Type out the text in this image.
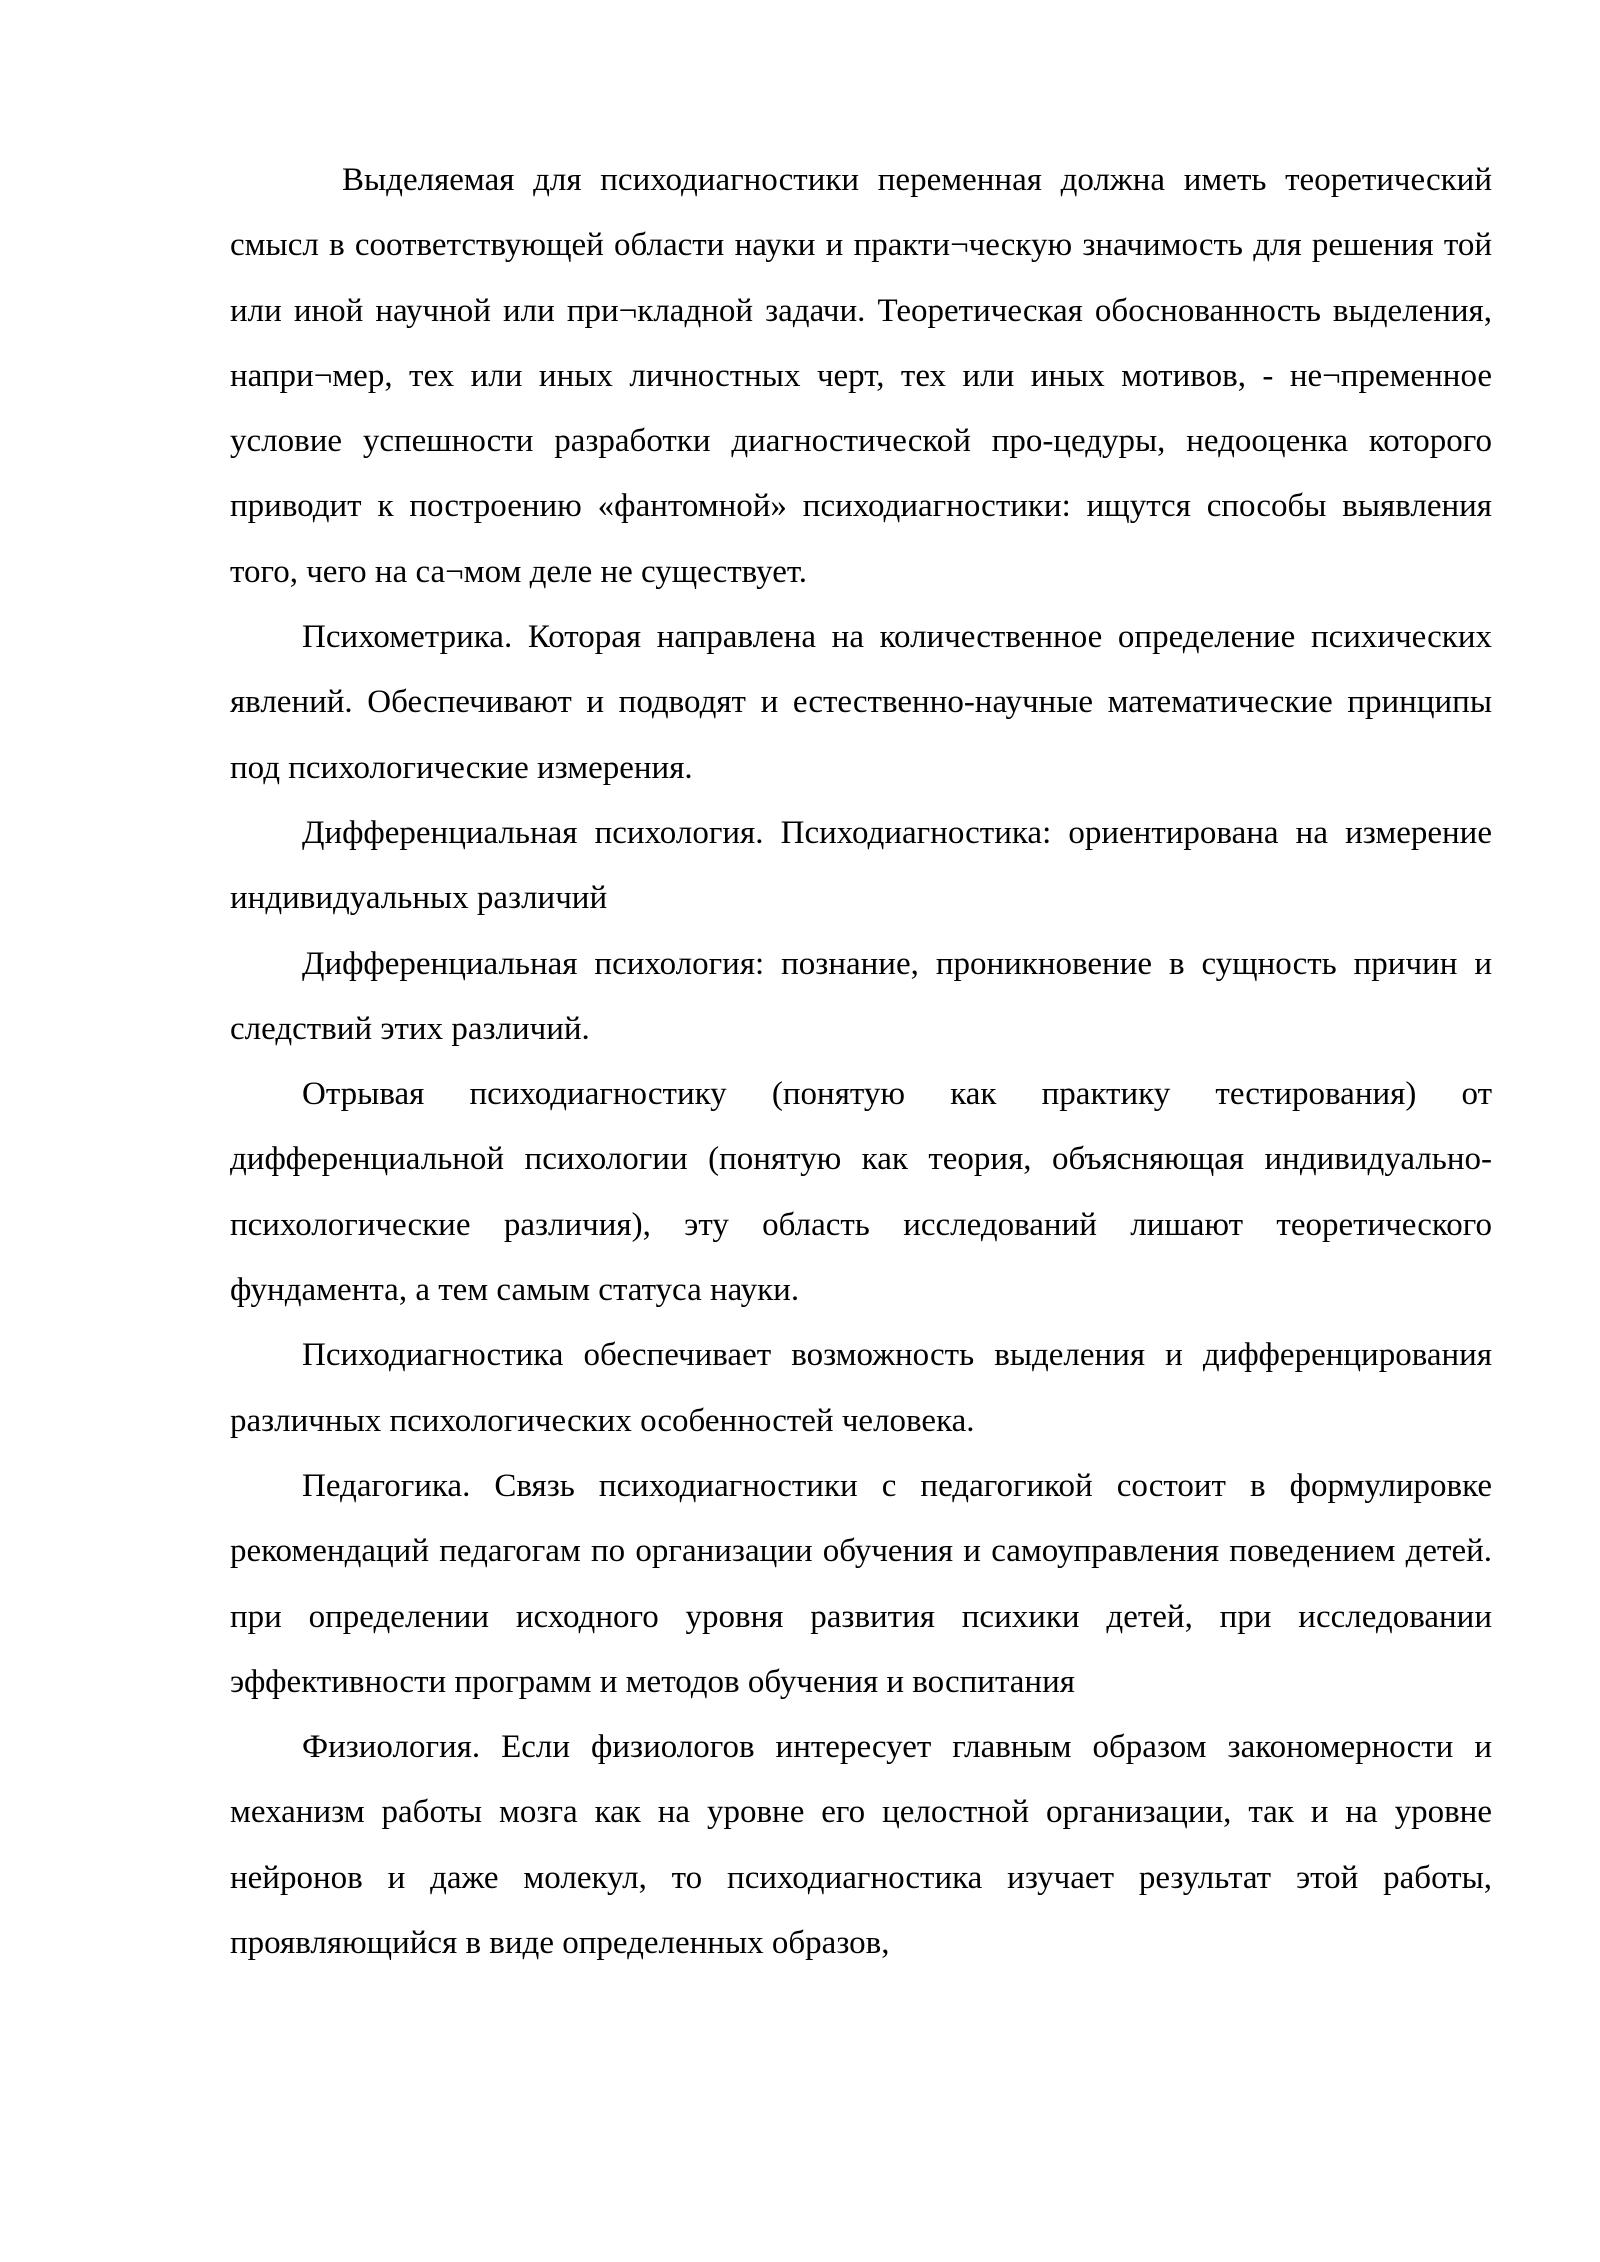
Выделяемая для психодиагностики переменная должна иметь теоретический смысл в соответствующей области науки и практи¬ческую значимость для решения той или иной научной или при¬кладной задачи. Теоретическая обоснованность выделения, напри¬мер, тех или иных личностных черт, тех или иных мотивов, - не¬пременное условие успешности разработки диагностической про-цедуры, недооценка которого приводит к построению «фантомной» психодиагностики: ищутся способы выявления того, чего на са¬мом деле не существует.

Психометрика. Которая направлена на количественное определение психических явлений. Обеспечивают и подводят и естественно-научные математические принципы под психологические измерения.

Дифференциальная психология. Психодиагностика: ориентирована на измерение индивидуальных различий

Дифференциальная психология: познание, проникновение в сущность причин и следствий этих различий.

Отрывая психодиагностику (понятую как практику тестирования) от дифференциальной психологии (понятую как теория, объясняющая индивидуально-психологические различия), эту область исследований лишают теоретического фундамента, а тем самым статуса науки.

Психодиагностика обеспечивает возможность выделения и дифференцирования различных психологических особенностей человека.

Педагогика. Связь психодиагностики с педагогикой состоит в формулировке рекомендаций педагогам по организации обучения и самоуправления поведением детей. при определении исходного уровня развития психики детей, при исследовании эффективности программ и методов обучения и воспитания

Физиология. Если физиологов интересует главным образом закономерности и механизм работы мозга как на уровне его целостной организации, так и на уровне нейронов и даже молекул, то психодиагностика изучает результат этой работы, проявляющийся в виде определенных образов,
